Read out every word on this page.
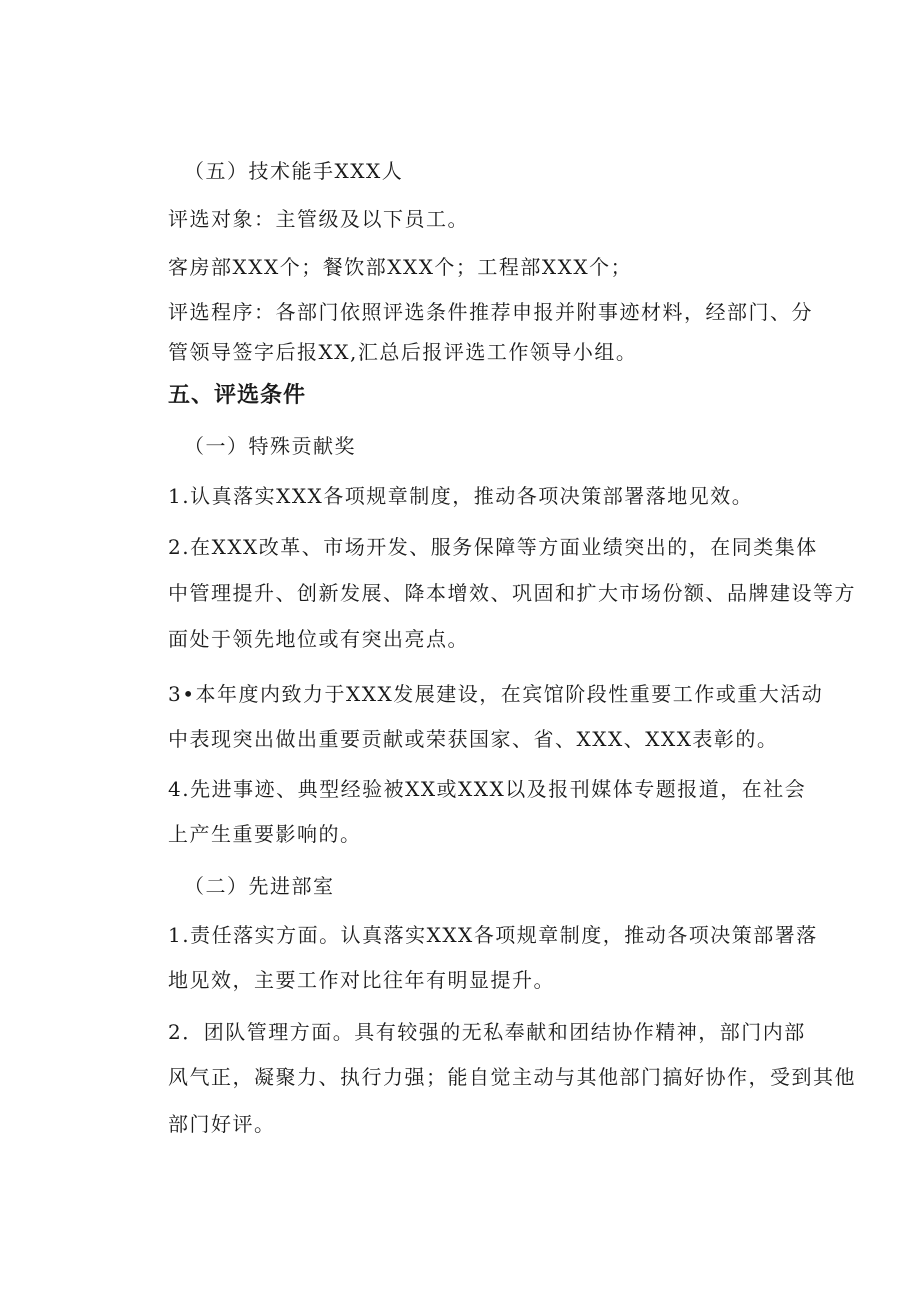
（五）技术能手XXX人
评选对象：主管级及以下员工。
客房部XXX个；餐饮部XXX个；工程部XXX个；
评选程序：各部门依照评选条件推荐申报并附事迹材料，经部门、分
管领导签字后报XX,汇总后报评选工作领导小组。
五、评选条件
（一）特殊贡献奖
1.认真落实XXX各项规章制度，推动各项决策部署落地见效。
2.在XXX改革、市场开发、服务保障等方面业绩突出的，在同类集体
中管理提升、创新发展、降本增效、巩固和扩大市场份额、品牌建设等方
面处于领先地位或有突出亮点。
3•本年度内致力于XXX发展建设，在宾馆阶段性重要工作或重大活动
中表现突出做出重要贡献或荣获国家、省、XXX、XXX表彰的。
4.先进事迹、典型经验被XX或XXX以及报刊媒体专题报道，在社会
上产生重要影响的。
（二）先进部室
1.责任落实方面。认真落实XXX各项规章制度，推动各项决策部署落
地见效，主要工作对比往年有明显提升。
2．团队管理方面。具有较强的无私奉献和团结协作精神，部门内部
风气正，凝聚力、执行力强；能自觉主动与其他部门搞好协作，受到其他
部门好评。
